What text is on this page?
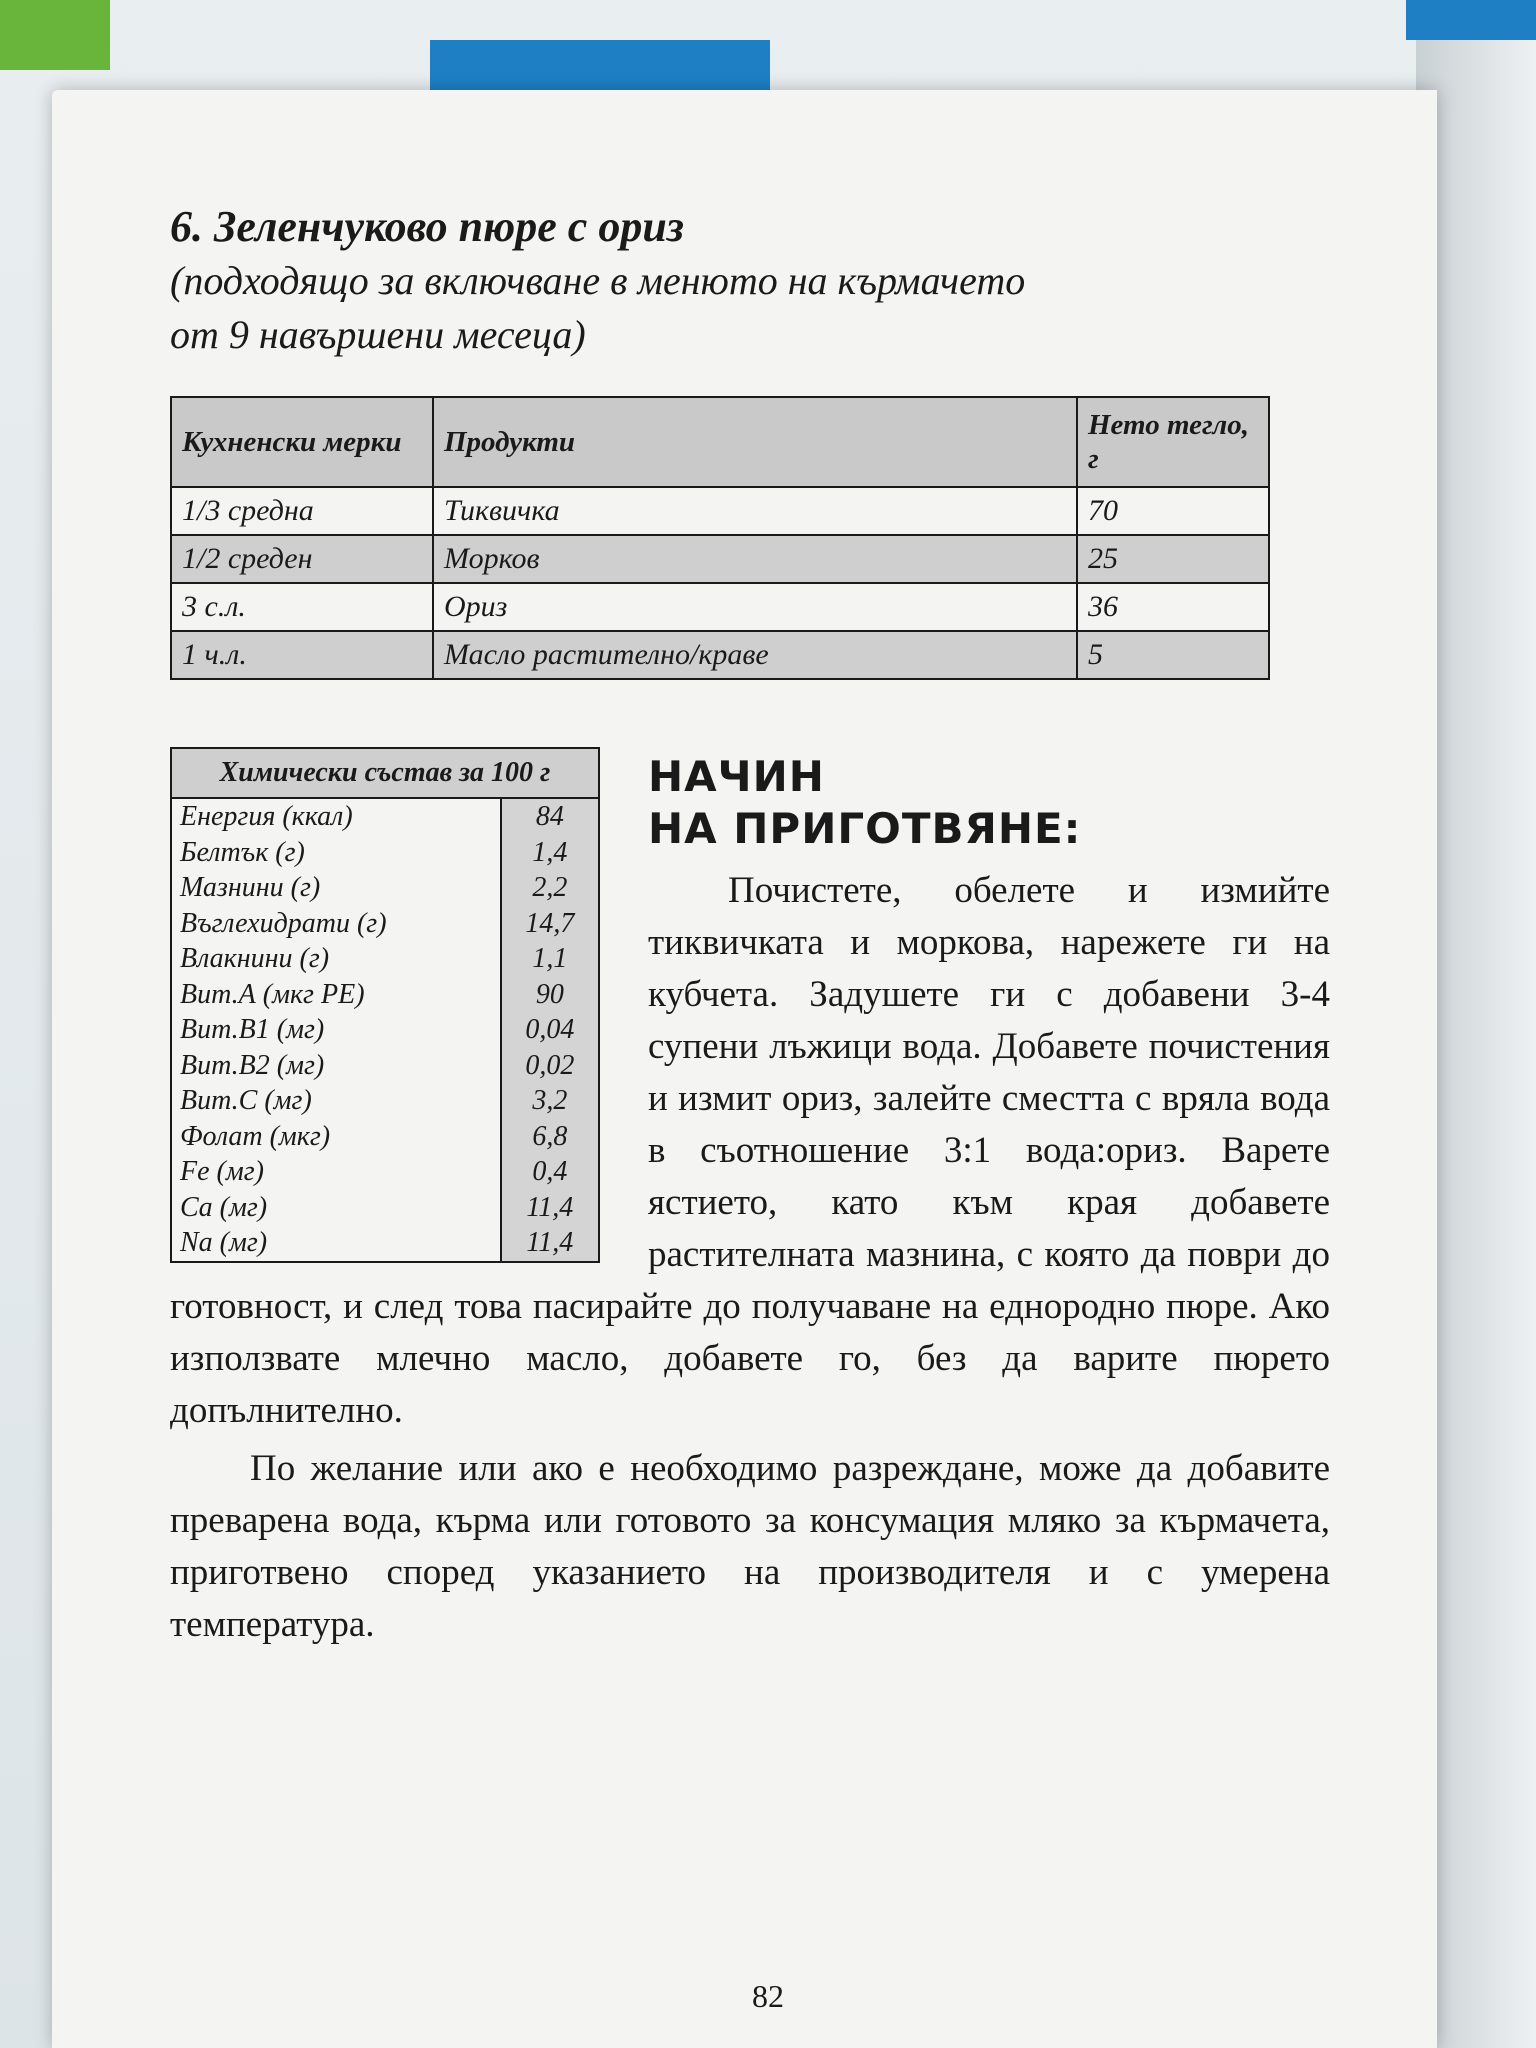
6. Зеленчуково пюре с ориз

(подходящо за включване в менюто на кърмачето

от 9 навършени месеца)

Кухненски мерки	Продукти	Нето тегло, г
1/3 средна	Тиквичка	70
1/2 среден	Морков	25
3 с.л.	Ориз	36
1 ч.л.	Масло растително/краве	5
Химически състав за 100 г	
Енергия (ккал)	84
Белтък (г)	1,4
Мазнини (г)	2,2
Въглехидрати (г)	14,7
Влакнини (г)	1,1
Вит.А (мкг РЕ)	90
Вит.В1 (мг)	0,04
Вит.В2 (мг)	0,02
Вит.С (мг)	3,2
Фолат (мкг)	6,8
Fe (мг)	0,4
Ca (мг)	11,4
Na (мг)	11,4
НАЧИН
НА ПРИГОТВЯНЕ:

Почистете, обелете и измийте тиквичката и моркова, нарежете ги на кубчета. Задушете ги с добавени 3-4 супени лъжици вода. Добавете почистения и измит ориз, залейте сместта с вряла вода в съотношение 3:1 вода:ориз. Варете ястието, като към края добавете растителната мазнина, с която да поври до готовност, и след това пасирайте до получаване на еднородно пюре. Ако използвате млечно масло, добавете го, без да варите пюрето допълнително.

По желание или ако е необходимо разреждане, може да добавите преварена вода, кърма или готовото за консумация мляко за кърмачета, приготвено според указанието на производителя и с умерена температура.

82
